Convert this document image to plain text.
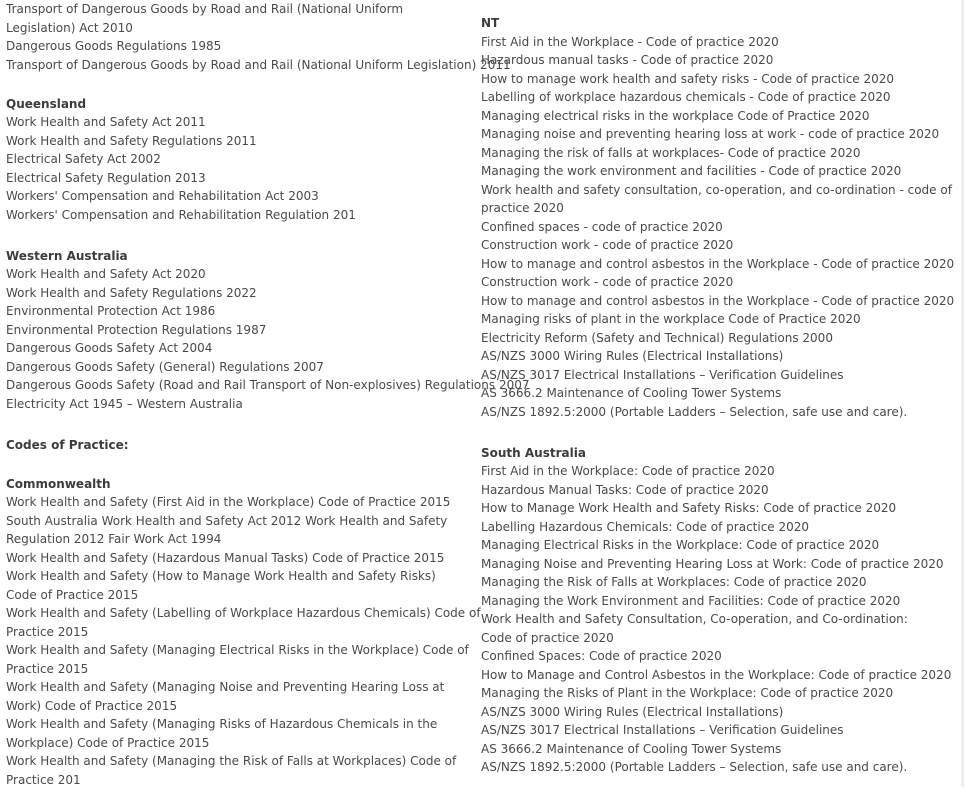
Transport of Dangerous Goods by Road and Rail (National Uniform Legislation) Act 2010
Dangerous Goods Regulations 1985
Transport of Dangerous Goods by Road and Rail (National Uniform Legislation) 2011
Queensland
Work Health and Safety Act 2011
Work Health and Safety Regulations 2011
Electrical Safety Act 2002
Electrical Safety Regulation 2013
Workers' Compensation and Rehabilitation Act 2003
Workers' Compensation and Rehabilitation Regulation 201
Western Australia
Work Health and Safety Act 2020
Work Health and Safety Regulations 2022
Environmental Protection Act 1986
Environmental Protection Regulations 1987
Dangerous Goods Safety Act 2004
Dangerous Goods Safety (General) Regulations 2007
Dangerous Goods Safety (Road and Rail Transport of Non-explosives) Regulations 2007
Electricity Act 1945 – Western Australia
Codes of Practice:
Commonwealth
Work Health and Safety (First Aid in the Workplace) Code of Practice 2015 South Australia Work Health and Safety Act 2012 Work Health and Safety Regulation 2012 Fair Work Act 1994
Work Health and Safety (Hazardous Manual Tasks) Code of Practice 2015
Work Health and Safety (How to Manage Work Health and Safety Risks) Code of Practice 2015
Work Health and Safety (Labelling of Workplace Hazardous Chemicals) Code of Practice 2015
Work Health and Safety (Managing Electrical Risks in the Workplace) Code of Practice 2015
Work Health and Safety (Managing Noise and Preventing Hearing Loss at Work) Code of Practice 2015
Work Health and Safety (Managing Risks of Hazardous Chemicals in the Workplace) Code of Practice 2015
Work Health and Safety (Managing the Risk of Falls at Workplaces) Code of Practice 201
NT
First Aid in the Workplace - Code of practice 2020
Hazardous manual tasks - Code of practice 2020
How to manage work health and safety risks - Code of practice 2020
Labelling of workplace hazardous chemicals - Code of practice 2020
Managing electrical risks in the workplace Code of Practice 2020
Managing noise and preventing hearing loss at work - code of practice 2020
Managing the risk of falls at workplaces- Code of practice 2020
Managing the work environment and facilities - Code of practice 2020
Work health and safety consultation, co-operation, and co-ordination - code of practice 2020
Confined spaces - code of practice 2020
Construction work - code of practice 2020
How to manage and control asbestos in the Workplace - Code of practice 2020
Construction work - code of practice 2020
How to manage and control asbestos in the Workplace - Code of practice 2020
Managing risks of plant in the workplace Code of Practice 2020
Electricity Reform (Safety and Technical) Regulations 2000
AS/NZS 3000 Wiring Rules (Electrical Installations)
AS/NZS 3017 Electrical Installations – Verification Guidelines
AS 3666.2 Maintenance of Cooling Tower Systems
AS/NZS 1892.5:2000 (Portable Ladders – Selection, safe use and care).
South Australia
First Aid in the Workplace: Code of practice 2020
Hazardous Manual Tasks: Code of practice 2020
How to Manage Work Health and Safety Risks: Code of practice 2020
Labelling Hazardous Chemicals: Code of practice 2020
Managing Electrical Risks in the Workplace: Code of practice 2020
Managing Noise and Preventing Hearing Loss at Work: Code of practice 2020
Managing the Risk of Falls at Workplaces: Code of practice 2020
Managing the Work Environment and Facilities: Code of practice 2020
Work Health and Safety Consultation, Co-operation, and Co-ordination: Code of practice 2020
Confined Spaces: Code of practice 2020
How to Manage and Control Asbestos in the Workplace: Code of practice 2020
Managing the Risks of Plant in the Workplace: Code of practice 2020
AS/NZS 3000 Wiring Rules (Electrical Installations)
AS/NZS 3017 Electrical Installations – Verification Guidelines
AS 3666.2 Maintenance of Cooling Tower Systems
AS/NZS 1892.5:2000 (Portable Ladders – Selection, safe use and care).
